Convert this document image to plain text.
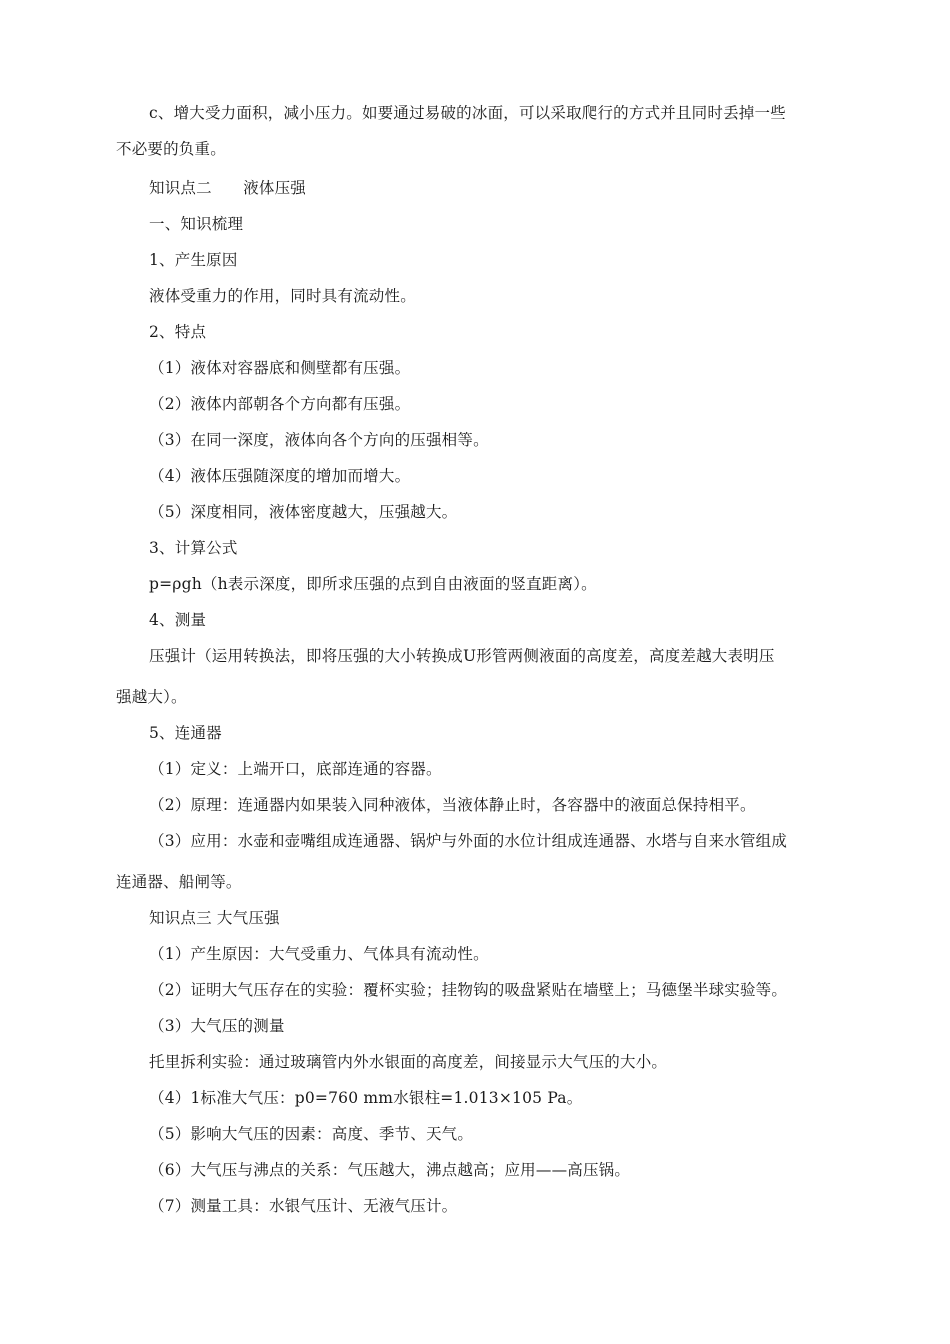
c、增大受力面积，减小压力。如要通过易破的冰面，可以采取爬行的方式并且同时丢掉一些
不必要的负重。
知识点二　　液体压强
一、知识梳理
1、产生原因
液体受重力的作用，同时具有流动性。
2、特点
（1）液体对容器底和侧壁都有压强。
（2）液体内部朝各个方向都有压强。
（3）在同一深度，液体向各个方向的压强相等。
（4）液体压强随深度的增加而增大。
（5）深度相同，液体密度越大，压强越大。
3、计算公式
p=ρgh（h表示深度，即所求压强的点到自由液面的竖直距离）。
4、测量
压强计（运用转换法，即将压强的大小转换成U形管两侧液面的高度差，高度差越大表明压
强越大）。
5、连通器
（1）定义：上端开口，底部连通的容器。
（2）原理：连通器内如果装入同种液体，当液体静止时，各容器中的液面总保持相平。
（3）应用：水壶和壶嘴组成连通器、锅炉与外面的水位计组成连通器、水塔与自来水管组成
连通器、船闸等。
知识点三 大气压强
（1）产生原因：大气受重力、气体具有流动性。
（2）证明大气压存在的实验：覆杯实验；挂物钩的吸盘紧贴在墙壁上；马德堡半球实验等。
（3）大气压的测量
托里拆利实验：通过玻璃管内外水银面的高度差，间接显示大气压的大小。
（4）1标准大气压：p0=760 mm水银柱=1.013×105 Pa。
（5）影响大气压的因素：高度、季节、天气。
（6）大气压与沸点的关系：气压越大，沸点越高；应用——高压锅。
（7）测量工具：水银气压计、无液气压计。
